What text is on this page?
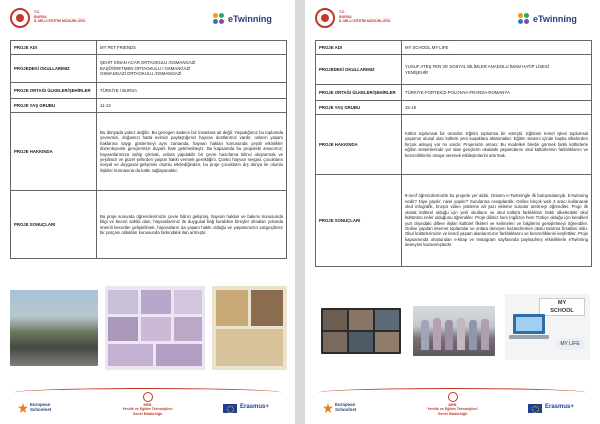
T.C.
BURSA
İL MİLLİ EĞİTİM MÜDÜRLÜĞÜ	eTwinning
PROJE ADI	MY PET FRIENDS
PROJEDEKİ OKULLARIMIZ	ŞEHİT SİNAN ACAR ORTAOKULU /OSMANGAZİ
BAŞÖĞRETMEN ORTAOKULU / OSMANGAZİ
OSMANGAZİ ORTAOKULU /OSMANGAZİ

PROJE ORTAĞI ÜLKELER/ŞEHİRLER	TÜRKİYE / BURSA
PROJE YAŞ GRUBU	11-13
PROJE HAKKINDA	Bu dünyada yalnız değiliz. Bu gezegen sadece biz insanlara ait değil. Yaşadığımız bu toplumda çevremizi, doğamızı hatta evimizi paylaştığımız hayvan dostlarımız vardır, onların yaşam haklarına saygı göstermeyi aynı zamanda, hayvan hakları konusunda çeşitli etkinlikler düzenleyerek gençlerimizi duyarlı hale getirmekteyiz. Bu kapsamda bu projedeki amacımız; hayvanlarımıza sahip çıkmak, onlara yapılabilir bir çevre hazırlama bilinci oluşturmak ve yeşilimizi ve güzel şehirden yaşam hakkı vermek gerektiğini. Çünkü hayvan sevgisi, çocukların sosyal ve duygusal gelişimini olumlu etkilediğinden, bu proje çocukların dış dünya ile olumlu ilişkiler kurmasına da katkı sağlayacaktır.
PROJE SONUÇLARI	Bu proje sonunda öğrencilerimizin çevre bilinci gelişmiş, hayvan hakları ve bakımı konusunda bilgi ve beceri sahibi olan, hayvanlarımız ile duygusal bağ kurabilen bireyler olmaları yolunda önemli beceriler geliştirilmek, hayvanların da yaşam hakkı olduğu ve yaşamımızın vazgeçilmez bir parçası oldukları konusunda farkındalık ilan artmıştır.
MEB
Yenilik ve Eğitim Teknolojileri
Genel Müdürlüğü
European
Schoolnet	Erasmus+
T.C.
BURSA
İL MİLLİ EĞİTİM MÜDÜRLÜĞÜ	eTwinning
PROJE ADI	MY SCHOOL MY LIFE
PROJEDEKİ OKULLARIMIZ	YUSUF ATEŞ FEN VE SOSYAL BİLİMLER ANADOLU İMAM HATİP LİSESİ
YENİŞEHİR

PROJE ORTAĞI ÜLKELER/ŞEHİRLER	TÜRKİYE-FORTEKİZ-POLONYA-FRANSA-ROMANYA
PROJE YAŞ GRUBU	15-18
PROJE HAKKINDA	Kültür toplumsal bir üründür. Eğitim toplumsa bir süreçtir. Eğitimin temel işlevi toplumsal yaşamın ulusal olan kültürü yeni kuşaklara aktarmaktır. Eğitim sistemi içinde başka ülkelerden birçok anlayış var mı vardır. Projemizin amacı; Bu modelleri birebir görmek farklı kültürlerle eğitim sistemlerinde yer alan gençlerin okuldaki yaşantılarını okul kültürlerinin farklılıklarını ve benzerliklerini ortaya serenek etkileşimlerini artırmak.
PROJE SONUÇLARI	9-sınıf öğrencilerimizle bu projede yer aldık. Onların e-Twinningle ilk buluşmalarıydı. E-twinning nedir? Niye yapılır, nasıl yapılır? Sorularına cevaplardık. Online birçok web 2 aracı kullanarak okul infografik, broşür video yükleme ait yazı ekleme sunular üretmeyi öğrendiler. Proje ilk olarak kültürel olduğu için yerli okulların ve okul kültürü farklılıkları farklı ülkelerdeki okul kültürünü neler olduğunu öğrendiler. Proje dilimiz hem İngilizce hem Türkçe olduğu için kendileri yurt dışındaki dillere ilişkin kültürel fikirleri ve kelimeleri ve bilgilerini genişletmeyi öğrendiler. Online yapılan internet toplantılar ve onlara deneyim kazandırırken okulu tanıtma fırsatları oldu. Okul kültürlerimizin ve kendi yaşam alanlarımızın farklılıklarını ve benzerliklerini keşfettiler. Proje kapsamında oluşturulan e-kitap ve Instagram sayfasında paylaşılmış etkinliklerle eTwinning deneyimi kazanmışlardır.
MY
SCHOOL
MY LIFE
MEB
Yenilik ve Eğitim Teknolojileri
Genel Müdürlüğü
European
Schoolnet	Erasmus+
